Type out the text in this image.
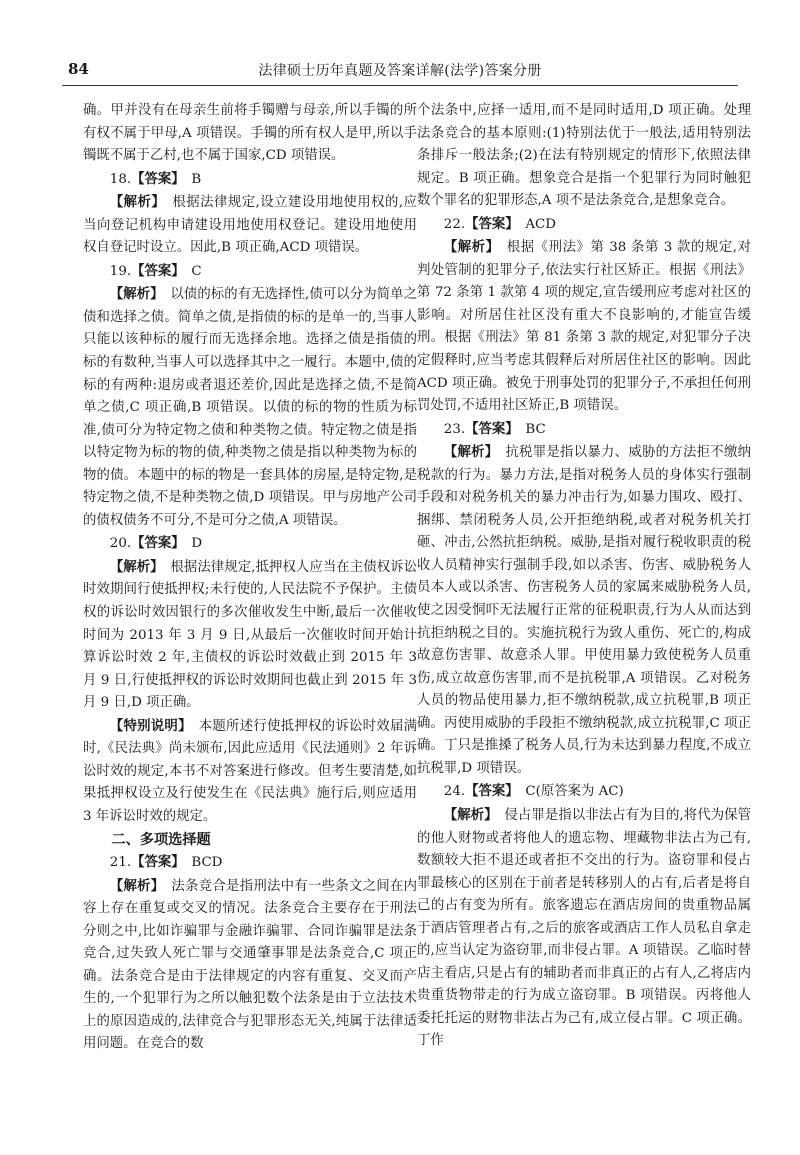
84	法律硕士历年真题及答案详解(法学)答案分册

确。甲并没有在母亲生前将手镯赠与母亲,所以手镯的所有权不属于甲母,A 项错误。手镯的所有权人是甲,所以手镯既不属于乙村,也不属于国家,CD 项错误。

18.【答案】 B

【解析】 根据法律规定,设立建设用地使用权的,应当向登记机构申请建设用地使用权登记。建设用地使用权自登记时设立。因此,B 项正确,ACD 项错误。

19.【答案】 C

【解析】 以债的标的有无选择性,债可以分为简单之债和选择之债。简单之债,是指债的标的是单一的,当事人只能以该种标的履行而无选择余地。选择之债是指债的标的有数种,当事人可以选择其中之一履行。本题中,债的标的有两种:退房或者退还差价,因此是选择之债,不是简单之债,C 项正确,B 项错误。以债的标的物的性质为标准,债可分为特定物之债和种类物之债。特定物之债是指以特定物为标的物的债,种类物之债是指以种类物为标的物的债。本题中的标的物是一套具体的房屋,是特定物,是特定物之债,不是种类物之债,D 项错误。甲与房地产公司的债权债务不可分,不是可分之债,A 项错误。

20.【答案】 D

【解析】 根据法律规定,抵押权人应当在主债权诉讼时效期间行使抵押权;未行使的,人民法院不予保护。主债权的诉讼时效因银行的多次催收发生中断,最后一次催收时间为 2013 年 3 月 9 日,从最后一次催收时间开始计算诉讼时效 2 年,主债权的诉讼时效截止到 2015 年 3 月 9 日,行使抵押权的诉讼时效期间也截止到 2015 年 3 月 9 日,D 项正确。

【特别说明】 本题所述行使抵押权的诉讼时效届满时,《民法典》尚未颁布,因此应适用《民法通则》2 年诉讼时效的规定,本书不对答案进行修改。但考生要清楚,如果抵押权设立及行使发生在《民法典》施行后,则应适用 3 年诉讼时效的规定。

二、多项选择题

21.【答案】 BCD

【解析】 法条竞合是指刑法中有一些条文之间在内容上存在重复或交叉的情况。法条竞合主要存在于刑法分则之中,比如诈骗罪与金融诈骗罪、合同诈骗罪是法条竞合,过失致人死亡罪与交通肇事罪是法条竞合,C 项正确。法条竞合是由于法律规定的内容有重复、交叉而产生的,一个犯罪行为之所以触犯数个法条是由于立法技术上的原因造成的,法律竞合与犯罪形态无关,纯属于法律适用问题。在竞合的数

个法条中,应择一适用,而不是同时适用,D 项正确。处理法条竞合的基本原则:(1)特别法优于一般法,适用特别法条排斥一般法条;(2)在法有特别规定的情形下,依照法律规定。B 项正确。想象竞合是指一个犯罪行为同时触犯数个罪名的犯罪形态,A 项不是法条竞合,是想象竞合。

22.【答案】 ACD

【解析】 根据《刑法》第 38 条第 3 款的规定,对判处管制的犯罪分子,依法实行社区矫正。根据《刑法》第 72 条第 1 款第 4 项的规定,宣告缓刑应考虑对社区的影响。对所居住社区没有重大不良影响的,才能宣告缓刑。根据《刑法》第 81 条第 3 款的规定,对犯罪分子决定假释时,应当考虑其假释后对所居住社区的影响。因此 ACD 项正确。被免于刑事处罚的犯罪分子,不承担任何刑罚处罚,不适用社区矫正,B 项错误。

23.【答案】 BC

【解析】 抗税罪是指以暴力、威胁的方法拒不缴纳税款的行为。暴力方法,是指对税务人员的身体实行强制手段和对税务机关的暴力冲击行为,如暴力围攻、殴打、捆绑、禁闭税务人员,公开拒绝纳税,或者对税务机关打砸、冲击,公然抗拒纳税。威胁,是指对履行税收职责的税收人员精神实行强制手段,如以杀害、伤害、威胁税务人员本人或以杀害、伤害税务人员的家属来威胁税务人员,使之因受恫吓无法履行正常的征税职责,行为人从而达到抗拒纳税之目的。实施抗税行为致人重伤、死亡的,构成故意伤害罪、故意杀人罪。甲使用暴力致使税务人员重伤,成立故意伤害罪,而不是抗税罪,A 项错误。乙对税务人员的物品使用暴力,拒不缴纳税款,成立抗税罪,B 项正确。丙使用威胁的手段拒不缴纳税款,成立抗税罪,C 项正确。丁只是推搡了税务人员,行为未达到暴力程度,不成立抗税罪,D 项错误。

24.【答案】 C(原答案为 AC)

【解析】 侵占罪是指以非法占有为目的,将代为保管的他人财物或者将他人的遗忘物、埋藏物非法占为己有,数额较大拒不退还或者拒不交出的行为。盗窃罪和侵占罪最核心的区别在于前者是转移别人的占有,后者是将自己的占有变为所有。旅客遗忘在酒店房间的贵重物品属于酒店管理者占有,之后的旅客或酒店工作人员私自拿走的,应当认定为盗窃罪,而非侵占罪。A 项错误。乙临时替店主看店,只是占有的辅助者而非真正的占有人,乙将店内贵重货物带走的行为成立盗窃罪。B 项错误。丙将他人委托托运的财物非法占为己有,成立侵占罪。C 项正确。丁作
